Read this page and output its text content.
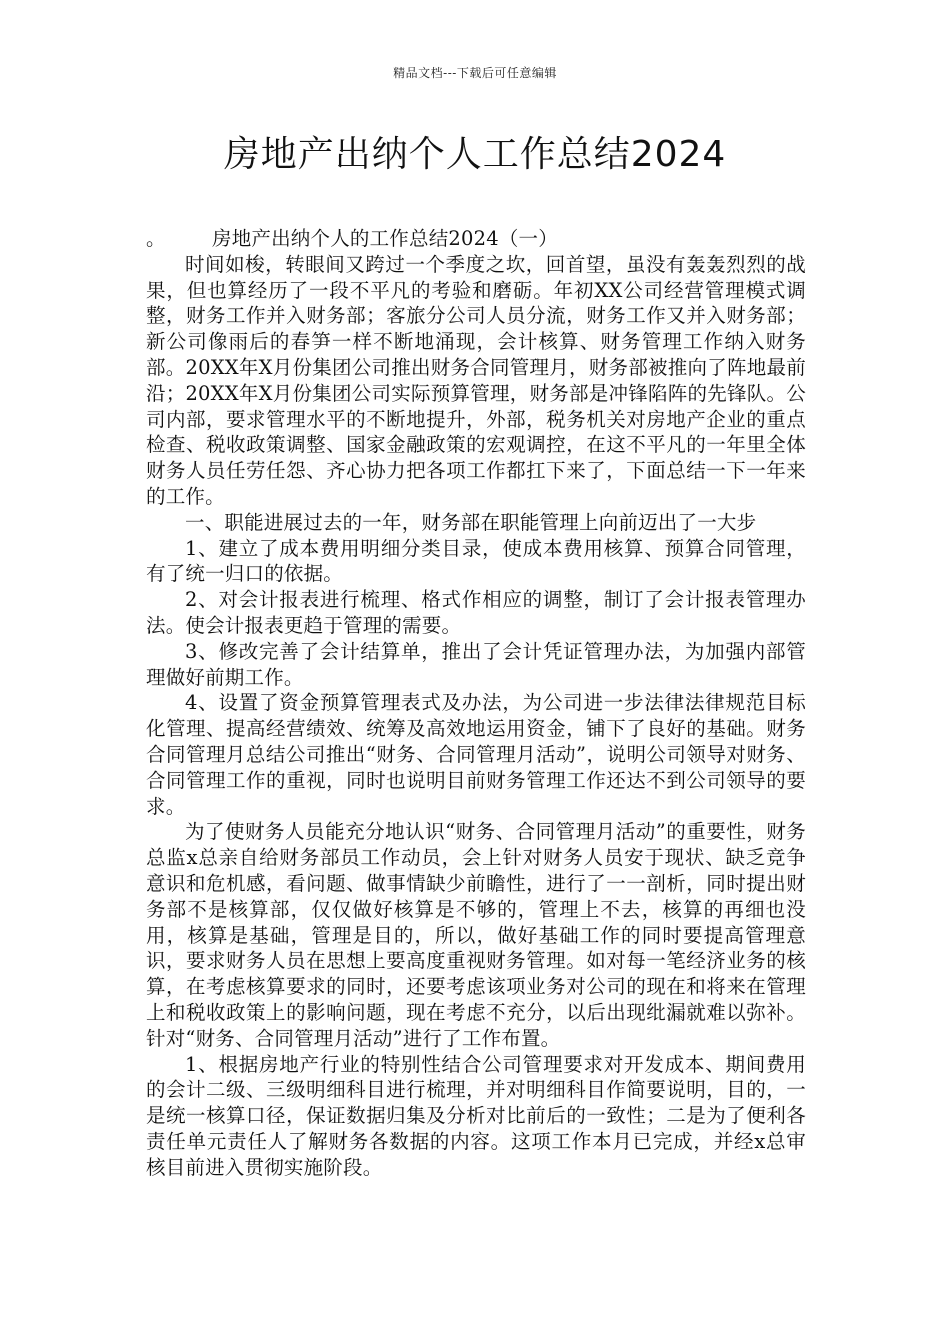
精品文档---下载后可任意编辑
房地产出纳个人工作总结2024

。 房地产出纳个人的工作总结2024（一）

时间如梭，转眼间又跨过一个季度之坎，回首望，虽没有轰轰烈烈的战果，但也算经历了一段不平凡的考验和磨砺。年初XX公司经营管理模式调整，财务工作并入财务部；客旅分公司人员分流，财务工作又并入财务部；新公司像雨后的春笋一样不断地涌现，会计核算、财务管理工作纳入财务部。20XX年X月份集团公司推出财务合同管理月，财务部被推向了阵地最前沿；20XX年X月份集团公司实际预算管理，财务部是冲锋陷阵的先锋队。公司内部，要求管理水平的不断地提升，外部，税务机关对房地产企业的重点检查、税收政策调整、国家金融政策的宏观调控，在这不平凡的一年里全体财务人员任劳任怨、齐心协力把各项工作都扛下来了，下面总结一下一年来的工作。

一、职能进展过去的一年，财务部在职能管理上向前迈出了一大步

1、建立了成本费用明细分类目录，使成本费用核算、预算合同管理，有了统一归口的依据。

2、对会计报表进行梳理、格式作相应的调整，制订了会计报表管理办法。使会计报表更趋于管理的需要。

3、修改完善了会计结算单，推出了会计凭证管理办法，为加强内部管理做好前期工作。

4、设置了资金预算管理表式及办法，为公司进一步法律法律规范目标化管理、提高经营绩效、统筹及高效地运用资金，铺下了良好的基础。财务合同管理月总结公司推出“财务、合同管理月活动”，说明公司领导对财务、合同管理工作的重视，同时也说明目前财务管理工作还达不到公司领导的要求。

为了使财务人员能充分地认识“财务、合同管理月活动”的重要性，财务总监x总亲自给财务部员工作动员，会上针对财务人员安于现状、缺乏竞争意识和危机感，看问题、做事情缺少前瞻性，进行了一一剖析，同时提出财务部不是核算部，仅仅做好核算是不够的，管理上不去，核算的再细也没用，核算是基础，管理是目的，所以，做好基础工作的同时要提高管理意识，要求财务人员在思想上要高度重视财务管理。如对每一笔经济业务的核算，在考虑核算要求的同时，还要考虑该项业务对公司的现在和将来在管理上和税收政策上的影响问题，现在考虑不充分，以后出现纰漏就难以弥补。针对“财务、合同管理月活动”进行了工作布置。

1、根据房地产行业的特别性结合公司管理要求对开发成本、期间费用的会计二级、三级明细科目进行梳理，并对明细科目作简要说明，目的，一是统一核算口径，保证数据归集及分析对比前后的一致性；二是为了便利各责任单元责任人了解财务各数据的内容。这项工作本月已完成，并经x总审核目前进入贯彻实施阶段。
